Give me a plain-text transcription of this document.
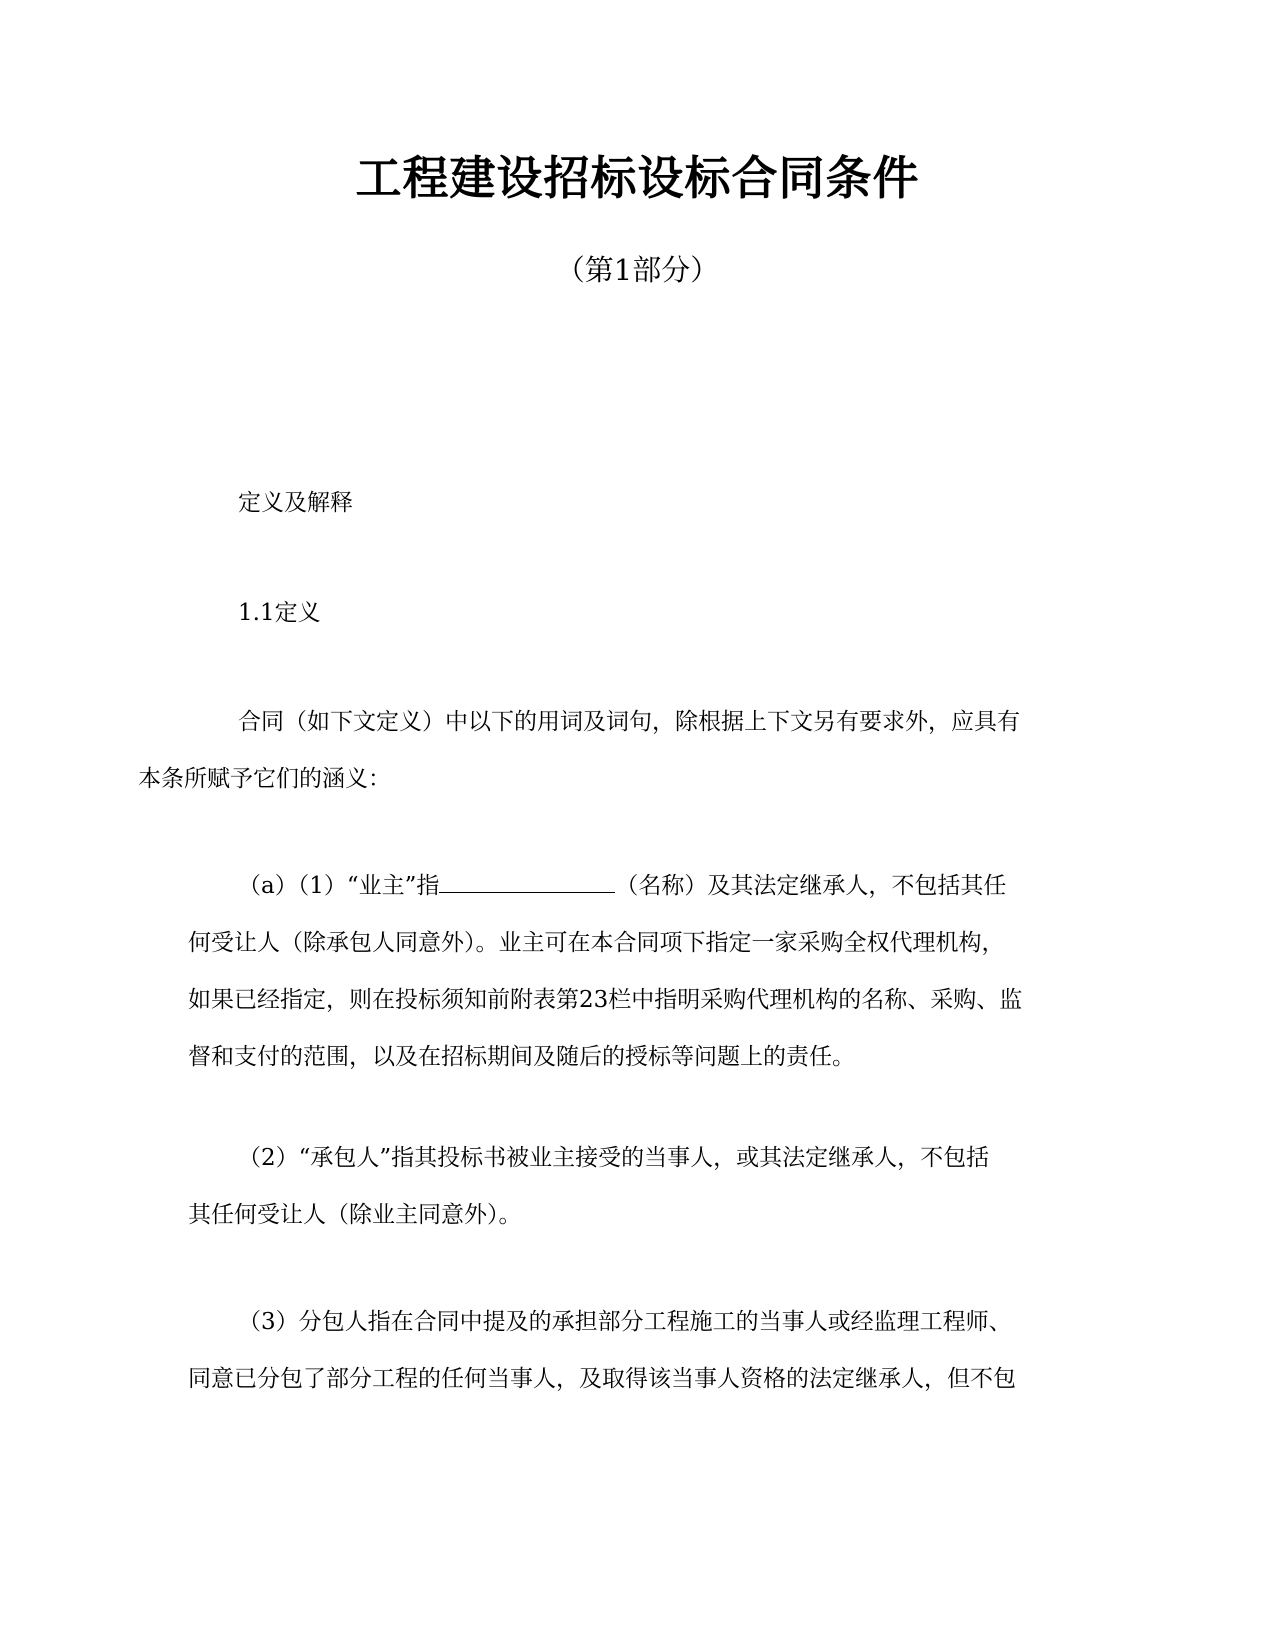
工程建设招标设标合同条件
（第1部分）
定义及解释
1.1定义
合同（如下文定义）中以下的用词及词句，除根据上下文另有要求外，应具有
本条所赋予它们的涵义：
（a）（1）“业主”指	（名称）及其法定继承人，不包括其任
何受让人（除承包人同意外）。业主可在本合同项下指定一家采购全权代理机构，
如果已经指定，则在投标须知前附表第23栏中指明采购代理机构的名称、采购、监
督和支付的范围，以及在招标期间及随后的授标等问题上的责任。
（2）“承包人”指其投标书被业主接受的当事人，或其法定继承人，不包括
其任何受让人（除业主同意外）。
（3）分包人指在合同中提及的承担部分工程施工的当事人或经监理工程师、
同意已分包了部分工程的任何当事人，及取得该当事人资格的法定继承人，但不包
